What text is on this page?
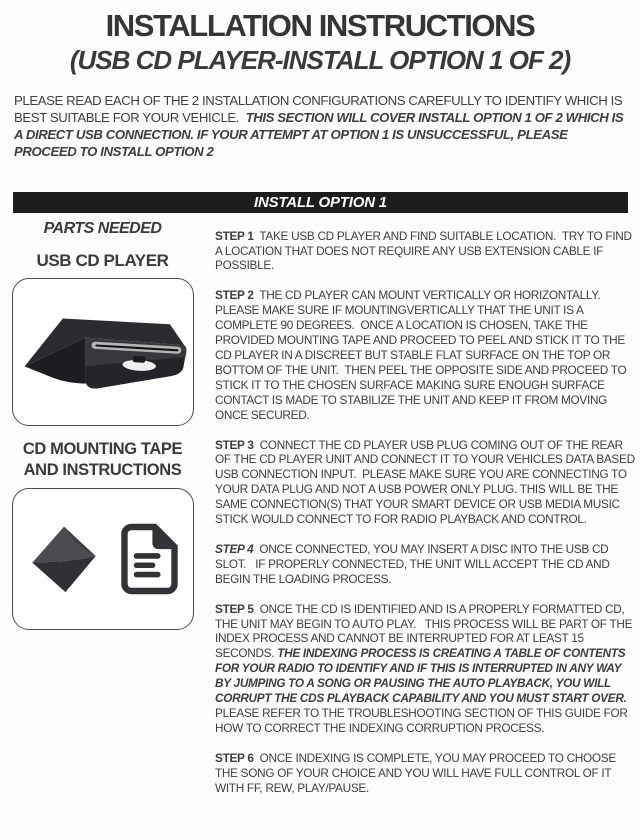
INSTALLATION INSTRUCTIONS
(USB CD PLAYER-INSTALL OPTION 1 OF 2)

PLEASE READ EACH OF THE 2 INSTALLATION CONFIGURATIONS CAREFULLY TO IDENTIFY WHICH IS BEST SUITABLE FOR YOUR VEHICLE.  THIS SECTION WILL COVER INSTALL OPTION 1 OF 2 WHICH IS A DIRECT USB CONNECTION. IF YOUR ATTEMPT AT OPTION 1 IS UNSUCCESSFUL, PLEASE PROCEED TO INSTALL OPTION 2

INSTALL OPTION 1
PARTS NEEDED
USB CD PLAYER
CD MOUNTING TAPE AND INSTRUCTIONS

STEP 1 TAKE USB CD PLAYER AND FIND SUITABLE LOCATION.  TRY TO FIND A LOCATION THAT DOES NOT REQUIRE ANY USB EXTENSION CABLE IF POSSIBLE.

STEP 2 THE CD PLAYER CAN MOUNT VERTICALLY OR HORIZONTALLY.  PLEASE MAKE SURE IF MOUNTINGVERTICALLY THAT THE UNIT IS A COMPLETE 90 DEGREES.  ONCE A LOCATION IS CHOSEN, TAKE THE PROVIDED MOUNTING TAPE AND PROCEED TO PEEL AND STICK IT TO THE CD PLAYER IN A DISCREET BUT STABLE FLAT SURFACE ON THE TOP OR BOTTOM OF THE UNIT.  THEN PEEL THE OPPOSITE SIDE AND PROCEED TO STICK IT TO THE CHOSEN SURFACE MAKING SURE ENOUGH SURFACE CONTACT IS MADE TO STABILIZE THE UNIT AND KEEP IT FROM MOVING ONCE SECURED.

STEP 3 CONNECT THE CD PLAYER USB PLUG COMING OUT OF THE REAR OF THE CD PLAYER UNIT AND CONNECT IT TO YOUR VEHICLES DATA BASED USB CONNECTION INPUT.  PLEASE MAKE SURE YOU ARE CONNECTING TO YOUR DATA PLUG AND NOT A USB POWER ONLY PLUG. THIS WILL BE THE SAME CONNECTION(S) THAT YOUR SMART DEVICE OR USB MEDIA MUSIC STICK WOULD CONNECT TO FOR RADIO PLAYBACK AND CONTROL.

STEP 4 ONCE CONNECTED, YOU MAY INSERT A DISC INTO THE USB CD SLOT.   IF PROPERLY CONNECTED, THE UNIT WILL ACCEPT THE CD AND BEGIN THE LOADING PROCESS.

STEP 5 ONCE THE CD IS IDENTIFIED AND IS A PROPERLY FORMATTED CD, THE UNIT MAY BEGIN TO AUTO PLAY.   THIS PROCESS WILL BE PART OF THE INDEX PROCESS AND CANNOT BE INTERRUPTED FOR AT LEAST 15 SECONDS. THE INDEXING PROCESS IS CREATING A TABLE OF CONTENTS FOR YOUR RADIO TO IDENTIFY AND IF THIS IS INTERRUPTED IN ANY WAY BY JUMPING TO A SONG OR PAUSING THE AUTO PLAYBACK, YOU WILL CORRUPT THE CDS PLAYBACK CAPABILITY AND YOU MUST START OVER.  PLEASE REFER TO THE TROUBLESHOOTING SECTION OF THIS GUIDE FOR HOW TO CORRECT THE INDEXING CORRUPTION PROCESS.

STEP 6 ONCE INDEXING IS COMPLETE, YOU MAY PROCEED TO CHOOSE THE SONG OF YOUR CHOICE AND YOU WILL HAVE FULL CONTROL OF IT WITH FF, REW, PLAY/PAUSE.
